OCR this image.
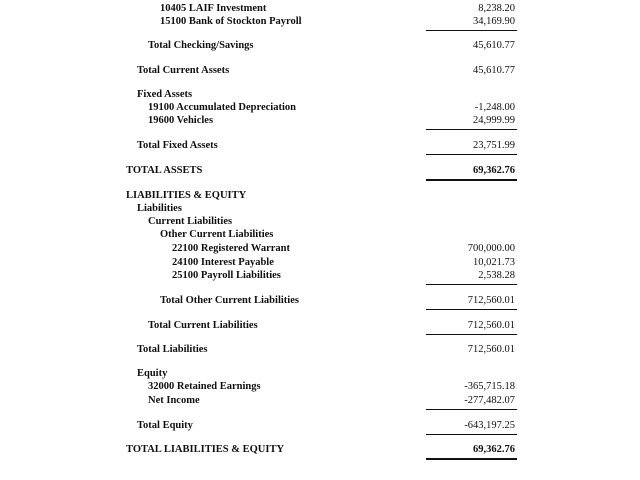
10405 LAIF Investment	8,238.20
15100 Bank of Stockton Payroll	34,169.90
Total Checking/Savings	45,610.77
Total Current Assets	45,610.77
Fixed Assets
19100 Accumulated Depreciation	-1,248.00
19600 Vehicles	24,999.99
Total Fixed Assets	23,751.99
TOTAL ASSETS	69,362.76
LIABILITIES & EQUITY
Liabilities
Current Liabilities
Other Current Liabilities
22100 Registered Warrant	700,000.00
24100 Interest Payable	10,021.73
25100 Payroll Liabilities	2,538.28
Total Other Current Liabilities	712,560.01
Total Current Liabilities	712,560.01
Total Liabilities	712,560.01
Equity
32000 Retained Earnings	-365,715.18
Net Income	-277,482.07
Total Equity	-643,197.25
TOTAL LIABILITIES & EQUITY	69,362.76
